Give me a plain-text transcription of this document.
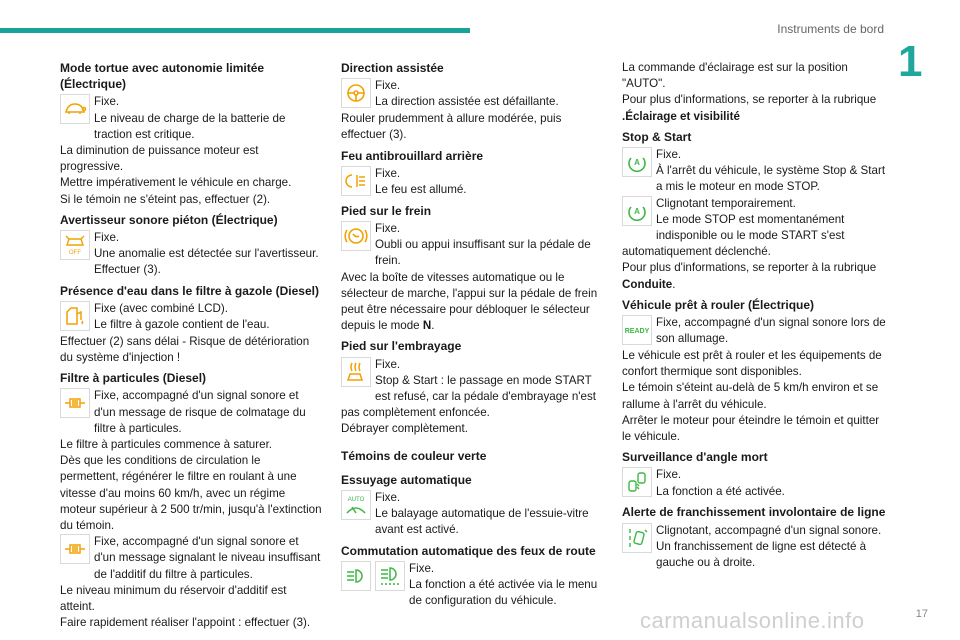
Instruments de bord
1
Mode tortue avec autonomie limitée (Électrique)

Fixe.

Le niveau de charge de la batterie de traction est critique.

La diminution de puissance moteur est progressive.

Mettre impérativement le véhicule en charge.

Si le témoin ne s'éteint pas, effectuer (2).

Avertisseur sonore piéton (Électrique)
OFF

Fixe.

Une anomalie est détectée sur l'avertisseur. Effectuer (3).

Présence d'eau dans le filtre à gazole (Diesel)

Fixe (avec combiné LCD).

Le filtre à gazole contient de l'eau.

Effectuer (2) sans délai - Risque de détérioration du système d'injection !

Filtre à particules (Diesel)

Fixe, accompagné d'un signal sonore et d'un message de risque de colmatage du filtre à particules.

Le filtre à particules commence à saturer.

Dès que les conditions de circulation le permettent, régénérer le filtre en roulant à une vitesse d'au moins 60 km/h, avec un régime moteur supérieur à 2 500 tr/min, jusqu'à l'extinction du témoin.

Fixe, accompagné d'un signal sonore et d'un message signalant le niveau insuffisant de l'additif du filtre à particules.

Le niveau minimum du réservoir d'additif est atteint.

Faire rapidement réaliser l'appoint : effectuer (3).

Direction assistée

Fixe.

La direction assistée est défaillante.

Rouler prudemment à allure modérée, puis effectuer (3).

Feu antibrouillard arrière

Fixe.

Le feu est allumé.

Pied sur le frein

Fixe.

Oubli ou appui insuffisant sur la pédale de frein.

Avec la boîte de vitesses automatique ou le sélecteur de marche, l'appui sur la pédale de frein peut être nécessaire pour débloquer le sélecteur depuis le mode N.

Pied sur l'embrayage

Fixe.

Stop & Start : le passage en mode START est refusé, car la pédale d'embrayage n'est pas complètement enfoncée.

Débrayer complètement.

Témoins de couleur verte
Essuyage automatique
AUTO Fixe.

Le balayage automatique de l'essuie-vitre avant est activé.

Commutation automatique des feux de route

Fixe.

La fonction a été activée via le menu de configuration du véhicule.

La commande d'éclairage est sur la position "AUTO".

Pour plus d'informations, se reporter à la rubrique

.Éclairage et visibilité

Stop & Start
A

Fixe.

À l'arrêt du véhicule, le système Stop & Start a mis le moteur en mode STOP.

A

Clignotant temporairement.

Le mode STOP est momentanément indisponible ou le mode START s'est automatiquement déclenché.

Pour plus d'informations, se reporter à la rubrique

Conduite.

Véhicule prêt à rouler (Électrique)
READY

Fixe, accompagné d'un signal sonore lors de son allumage.

Le véhicule est prêt à rouler et les équipements de confort thermique sont disponibles.

Le témoin s'éteint au-delà de 5 km/h environ et se rallume à l'arrêt du véhicule.

Arrêter le moteur pour éteindre le témoin et quitter le véhicule.

Surveillance d'angle mort

Fixe.

La fonction a été activée.

Alerte de franchissement involontaire de ligne

Clignotant, accompagné d'un signal sonore.

Un franchissement de ligne est détecté à gauche ou à droite.

carmanualsonline.info	17
